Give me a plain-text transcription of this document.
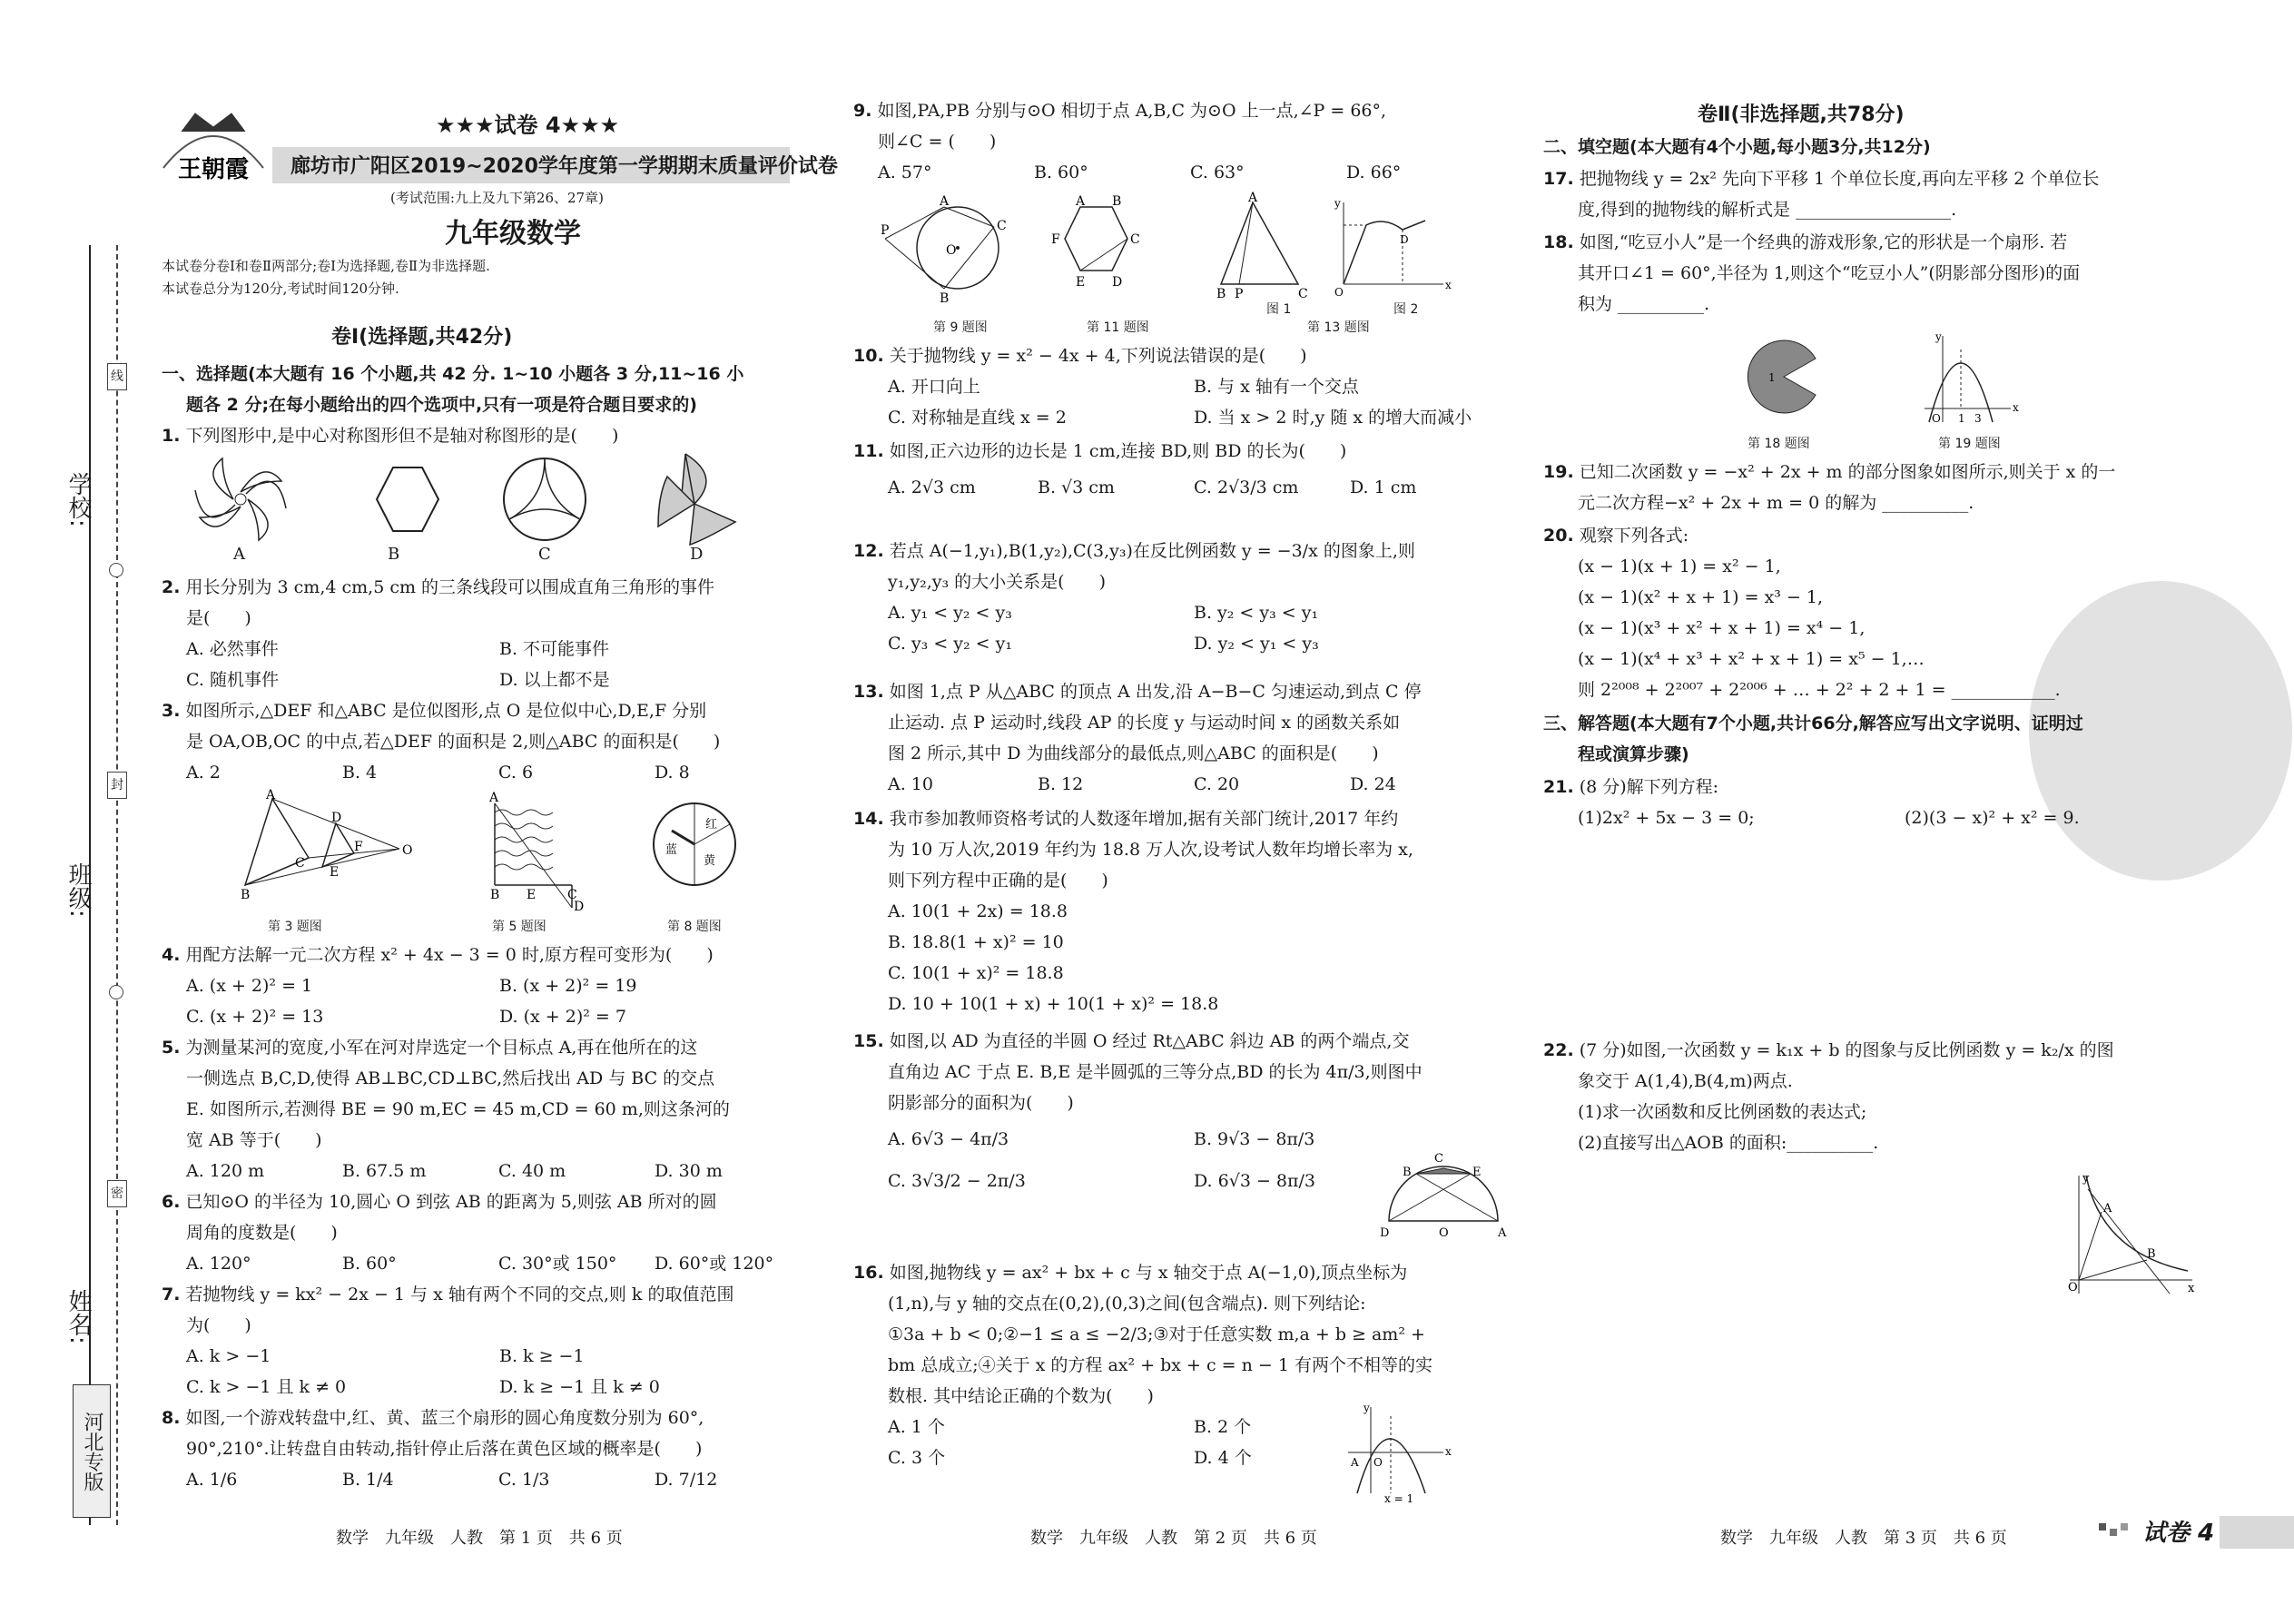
线
封
密
学校:
班级:
姓名:
河北专版
王朝霞
★★★试卷 4★★★
廊坊市广阳区2019~2020学年度第一学期期末质量评价试卷
(考试范围:九上及九下第26、27章)
九年级数学
本试卷分卷Ⅰ和卷Ⅱ两部分;卷Ⅰ为选择题,卷Ⅱ为非选择题.
本试卷总分为120分,考试时间120分钟.
卷Ⅰ(选择题,共42分)
一、选择题(本大题有 16 个小题,共 42 分. 1~10 小题各 3 分,11~16 小
题各 2 分;在每小题给出的四个选项中,只有一项是符合题目要求的)
1. 下列图形中,是中心对称图形但不是轴对称图形的是(　　)
A	B	C	D

2. 用长分别为 3 cm,4 cm,5 cm 的三条线段可以围成直角三角形的事件

是(　　)

A. 必然事件	B. 不可能事件
C. 随机事件	D. 以上都不是

3. 如图所示,△DEF 和△ABC 是位似图形,点 O 是位似中心,D,E,F 分别

是 OA,OB,OC 的中点,若△DEF 的面积是 2,则△ABC 的面积是(　　)

A. 2	B. 4	C. 6	D. 8
A
B
C
D
E
F	O
A
B E C
D
红
黄
蓝
第 3 题图	第 5 题图	第 8 题图

4. 用配方法解一元二次方程 x² + 4x − 3 = 0 时,原方程可变形为(　　)

A. (x + 2)² = 1	B. (x + 2)² = 19
C. (x + 2)² = 13	D. (x + 2)² = 7

5. 为测量某河的宽度,小军在河对岸选定一个目标点 A,再在他所在的这

一侧选点 B,C,D,使得 AB⊥BC,CD⊥BC,然后找出 AD 与 BC 的交点

E. 如图所示,若测得 BE = 90 m,EC = 45 m,CD = 60 m,则这条河的

宽 AB 等于(　　)

A. 120 m	B. 67.5 m	C. 40 m	D. 30 m

6. 已知⊙O 的半径为 10,圆心 O 到弦 AB 的距离为 5,则弦 AB 所对的圆

周角的度数是(　　)

A. 120°	B. 60°	C. 30°或 150°	D. 60°或 120°

7. 若抛物线 y = kx² − 2x − 1 与 x 轴有两个不同的交点,则 k 的取值范围

为(　　)

A. k > −1	B. k ≥ −1
C. k > −1 且 k ≠ 0	D. k ≥ −1 且 k ≠ 0

8. 如图,一个游戏转盘中,红、黄、蓝三个扇形的圆心角度数分别为 60°,

90°,210°.让转盘自由转动,指针停止后落在黄色区域的概率是(　　)

A. 1/6	B. 1/4	C. 1/3	D. 7/12
数学　九年级　人教　第 1 页　共 6 页

9. 如图,PA,PB 分别与⊙O 相切于点 A,B,C 为⊙O 上一点,∠P = 66°,

则∠C = (　　)

A. 57°	B. 60°	C. 63°	D. 66°
P
A
B
C
O
A B
C
D
E
F
A
B P	C
y
x
O
D
第 9 题图	第 11 题图
图 1	图 2
第 13 题图

10. 关于抛物线 y = x² − 4x + 4,下列说法错误的是(　　)

A. 开口向上	B. 与 x 轴有一个交点
C. 对称轴是直线 x = 2	D. 当 x > 2 时,y 随 x 的增大而减小

11. 如图,正六边形的边长是 1 cm,连接 BD,则 BD 的长为(　　)

A. 2√3 cm	B. √3 cm	C. 2√3/3 cm	D. 1 cm

12. 若点 A(−1,y₁),B(1,y₂),C(3,y₃)在反比例函数 y = −3/x 的图象上,则

y₁,y₂,y₃ 的大小关系是(　　)

A. y₁ < y₂ < y₃	B. y₂ < y₃ < y₁
C. y₃ < y₂ < y₁	D. y₂ < y₁ < y₃

13. 如图 1,点 P 从△ABC 的顶点 A 出发,沿 A−B−C 匀速运动,到点 C 停

止运动. 点 P 运动时,线段 AP 的长度 y 与运动时间 x 的函数关系如

图 2 所示,其中 D 为曲线部分的最低点,则△ABC 的面积是(　　)

A. 10	B. 12	C. 20	D. 24

14. 我市参加教师资格考试的人数逐年增加,据有关部门统计,2017 年约

为 10 万人次,2019 年约为 18.8 万人次,设考试人数年均增长率为 x,

则下列方程中正确的是(　　)

A. 10(1 + 2x) = 18.8

B. 18.8(1 + x)² = 10

C. 10(1 + x)² = 18.8

D. 10 + 10(1 + x) + 10(1 + x)² = 18.8

15. 如图,以 AD 为直径的半圆 O 经过 Rt△ABC 斜边 AB 的两个端点,交

直角边 AC 于点 E. B,E 是半圆弧的三等分点,BD 的长为 4π/3,则图中

阴影部分的面积为(　　)

A. 6√3 − 4π/3	B. 9√3 − 8π/3
C. 3√3/2 − 2π/3	D. 6√3 − 8π/3	B	E
D	O	A
C

16. 如图,抛物线 y = ax² + bx + c 与 x 轴交于点 A(−1,0),顶点坐标为

(1,n),与 y 轴的交点在(0,2),(0,3)之间(包含端点). 则下列结论:

①3a + b < 0;②−1 ≤ a ≤ −2/3;③对于任意实数 m,a + b ≥ am² +

bm 总成立;④关于 x 的方程 ax² + bx + c = n − 1 有两个不相等的实

数根. 其中结论正确的个数为(　　)

A. 1 个	B. 2 个
C. 3 个	D. 4 个	x
y
A O
x = 1
数学　九年级　人教　第 2 页　共 6 页
卷Ⅱ(非选择题,共78分)
二、填空题(本大题有4个小题,每小题3分,共12分)

17. 把抛物线 y = 2x² 先向下平移 1 个单位长度,再向左平移 2 个单位长

度,得到的抛物线的解析式是 __________________.

18. 如图,“吃豆小人”是一个经典的游戏形象,它的形状是一个扇形. 若

其开口∠1 = 60°,半径为 1,则这个“吃豆小人”(阴影部分图形)的面

积为 __________.

1
x
y
O 1 3
第 18 题图	第 19 题图

19. 已知二次函数 y = −x² + 2x + m 的部分图象如图所示,则关于 x 的一

元二次方程−x² + 2x + m = 0 的解为 __________.

20. 观察下列各式:

(x − 1)(x + 1) = x² − 1,

(x − 1)(x² + x + 1) = x³ − 1,

(x − 1)(x³ + x² + x + 1) = x⁴ − 1,

(x − 1)(x⁴ + x³ + x² + x + 1) = x⁵ − 1,…

则 2²⁰⁰⁸ + 2²⁰⁰⁷ + 2²⁰⁰⁶ + … + 2² + 2 + 1 = ____________.

三、解答题(本大题有7个小题,共计66分,解答应写出文字说明、证明过
程或演算步骤)

21. (8 分)解下列方程:

(1)2x² + 5x − 3 = 0;	(2)(3 − x)² + x² = 9.

22. (7 分)如图,一次函数 y = k₁x + b 的图象与反比例函数 y = k₂/x 的图

象交于 A(1,4),B(4,m)两点.

(1)求一次函数和反比例函数的表达式;

(2)直接写出△AOB 的面积:__________.

A
B
O	x
y
数学　九年级　人教　第 3 页　共 6 页	试卷 4
